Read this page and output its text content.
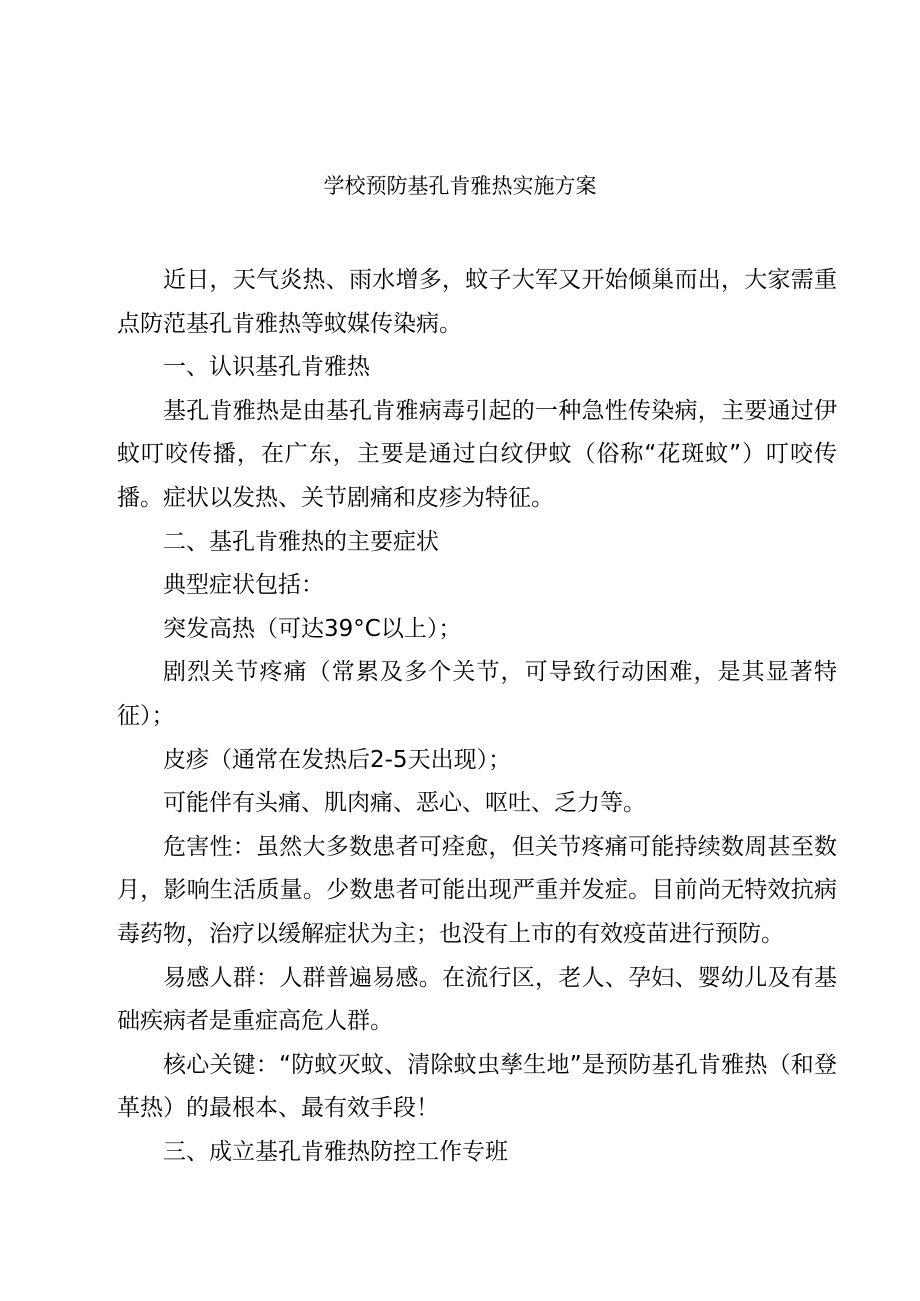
学校预防基孔肯雅热实施方案

近日，天气炎热、雨水增多，蚊子大军又开始倾巢而出，大家需重点防范基孔肯雅热等蚊媒传染病。

一、认识基孔肯雅热

基孔肯雅热是由基孔肯雅病毒引起的一种急性传染病，主要通过伊蚊叮咬传播，在广东，主要是通过白纹伊蚊（俗称“花斑蚊”）叮咬传播。症状以发热、关节剧痛和皮疹为特征。

二、基孔肯雅热的主要症状

典型症状包括：

突发高热（可达39°C以上）；

剧烈关节疼痛（常累及多个关节，可导致行动困难，是其显著特征）；

皮疹（通常在发热后2-5天出现）；

可能伴有头痛、肌肉痛、恶心、呕吐、乏力等。

危害性：虽然大多数患者可痊愈，但关节疼痛可能持续数周甚至数月，影响生活质量。少数患者可能出现严重并发症。目前尚无特效抗病毒药物，治疗以缓解症状为主；也没有上市的有效疫苗进行预防。

易感人群：人群普遍易感。在流行区，老人、孕妇、婴幼儿及有基础疾病者是重症高危人群。

核心关键：“防蚊灭蚊、清除蚊虫孳生地”是预防基孔肯雅热（和登革热）的最根本、最有效手段！

三、成立基孔肯雅热防控工作专班
